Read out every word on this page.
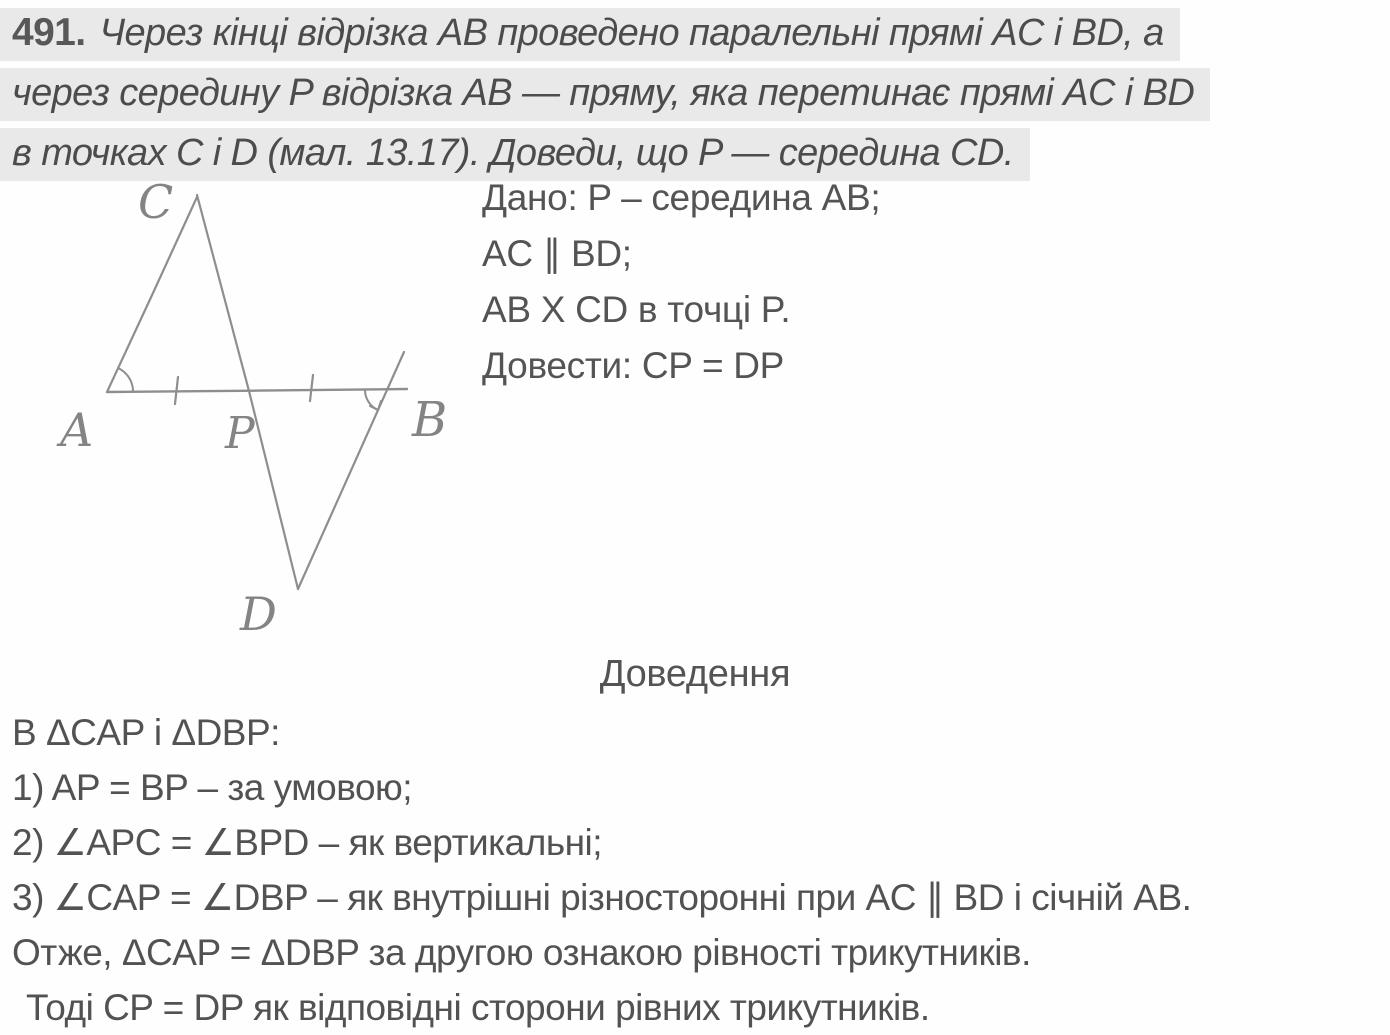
491. Через кінці відрізка AB проведено паралельні прямі AC і BD, а
через середину P відрізка AB — пряму, яка перетинає прямі AC і BD
в точках C і D (мал. 13.17). Доведи, що P — середина CD.
C
A	P	B
D
Дано: P – середина AB;
AC ∥ BD;
AB X CD в точці P.
Довести: CP = DP
Доведення
В ΔCAP і ΔDBP:
1) AP = BP – за умовою;
2) ∠APC = ∠BPD – як вертикальні;
3) ∠CAP = ∠DBP – як внутрішні різносторонні при AC ∥ BD і січній AB.
Отже, ΔCAP = ΔDBP за другою ознакою рівності трикутників.
Тоді CP = DP як відповідні сторони рівних трикутників.
